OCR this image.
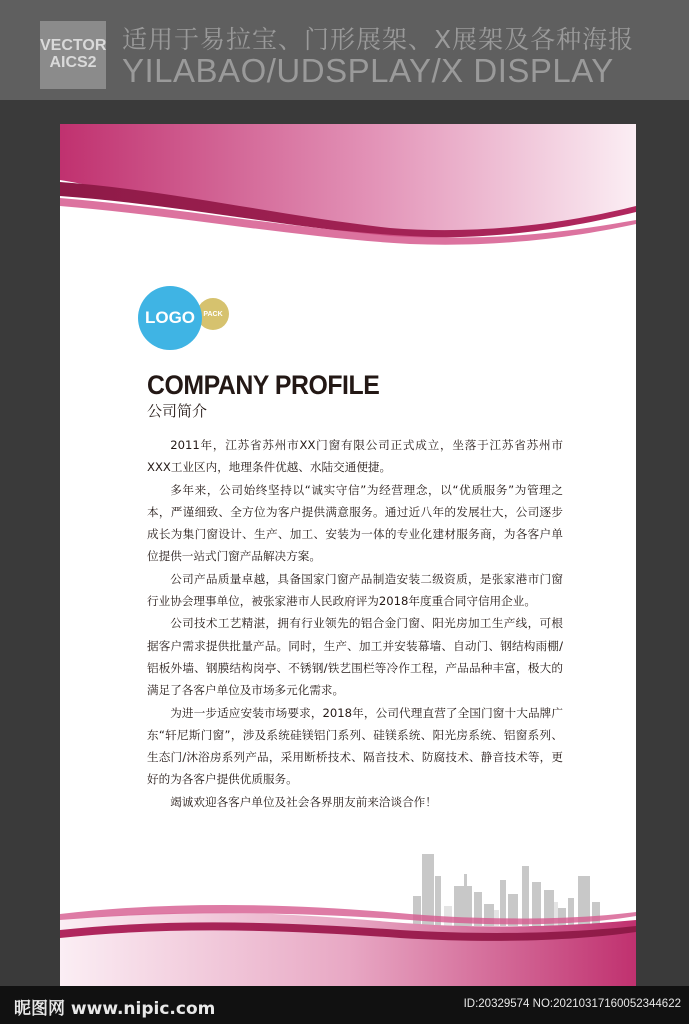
VECTOR
AICS2
适用于易拉宝、门形展架、X展架及各种海报
YILABAO/UDSPLAY/X DISPLAY
LOGO	PACK
COMPANY PROFILE
公司简介

2011年，江苏省苏州市XX门窗有限公司正式成立，坐落于江苏省苏州市XXX工业区内，地理条件优越、水陆交通便捷。

多年来，公司始终坚持以“诚实守信”为经营理念，以“优质服务”为管理之本，严谨细致、全方位为客户提供满意服务。通过近八年的发展壮大，公司逐步成长为集门窗设计、生产、加工、安装为一体的专业化建材服务商，为各客户单位提供一站式门窗产品解决方案。

公司产品质量卓越，具备国家门窗产品制造安装二级资质，是张家港市门窗行业协会理事单位，被张家港市人民政府评为2018年度重合同守信用企业。

公司技术工艺精湛，拥有行业领先的铝合金门窗、阳光房加工生产线，可根据客户需求提供批量产品。同时，生产、加工并安装幕墙、自动门、钢结构雨棚/铝板外墙、钢膜结构岗亭、不锈钢/铁艺围栏等冷作工程，产品品种丰富，极大的满足了各客户单位及市场多元化需求。

为进一步适应安装市场要求，2018年，公司代理直营了全国门窗十大品牌广东“轩尼斯门窗”，涉及系统硅镁铝门系列、硅镁系统、阳光房系统、铝窗系列、生态门/沐浴房系列产品，采用断桥技术、隔音技术、防腐技术、静音技术等，更好的为各客户提供优质服务。

竭诚欢迎各客户单位及社会各界朋友前来洽谈合作！

昵图网 www.nipic.com	ID:20329574 NO:20210317160052344622
